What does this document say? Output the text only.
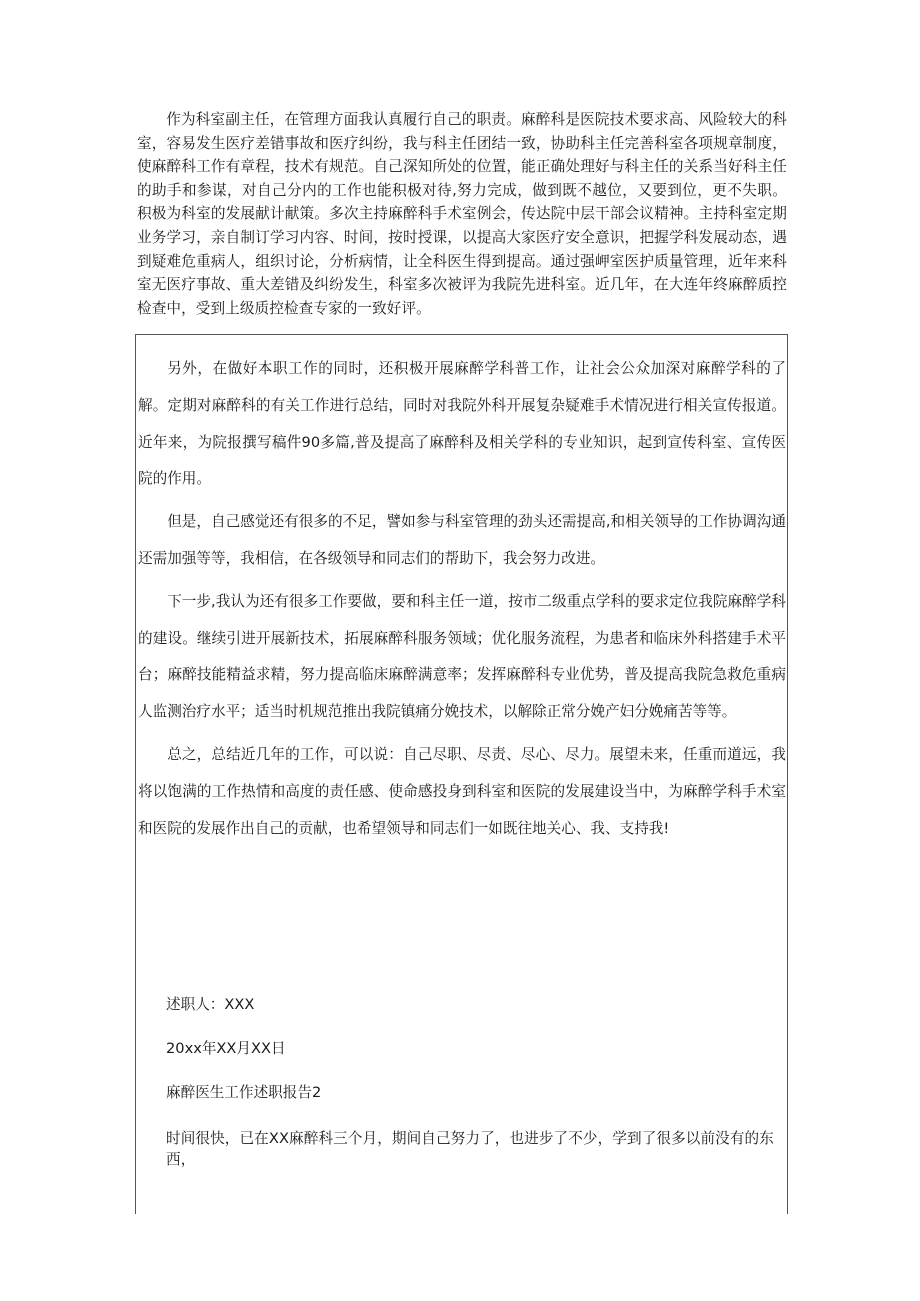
作为科室副主任，在管理方面我认真履行自己的职责。麻醉科是医院技术要求高、风险较大的科室，容易发生医疗差错事故和医疗纠纷，我与科主任团结一致，协助科主任完善科室各项规章制度，使麻醉科工作有章程，技术有规范。自己深知所处的位置，能正确处理好与科主任的关系当好科主任的助手和参谋，对自己分内的工作也能积极对待,努力完成，做到既不越位，又要到位，更不失职。积极为科室的发展献计献策。多次主持麻醉科手术室例会，传达院中层干部会议精神。主持科室定期业务学习，亲自制订学习内容、时间，按时授课，以提高大家医疗安全意识，把握学科发展动态，遇到疑难危重病人，组织讨论，分析病情，让全科医生得到提高。通过强岬室医护质量管理，近年来科室无医疗事故、重大差错及纠纷发生，科室多次被评为我院先进科室。近几年，在大连年终麻醉质控检查中，受到上级质控检查专家的一致好评。

另外，在做好本职工作的同时，还积极开展麻醉学科普工作，让社会公众加深对麻醉学科的了解。定期对麻醉科的有关工作进行总结，同时对我院外科开展复杂疑难手术情况进行相关宣传报道。近年来，为院报撰写稿件90多篇,普及提高了麻醉科及相关学科的专业知识，起到宣传科室、宣传医院的作用。

但是，自己感觉还有很多的不足，譬如参与科室管理的劲头还需提高,和相关领导的工作协调沟通还需加强等等，我相信，在各级领导和同志们的帮助下，我会努力改进。

下一步,我认为还有很多工作要做，要和科主任一道，按市二级重点学科的要求定位我院麻醉学科的建设。继续引进开展新技术，拓展麻醉科服务领域；优化服务流程，为患者和临床外科搭建手术平台；麻醉技能精益求精，努力提高临床麻醉满意率；发挥麻醉科专业优势，普及提高我院急救危重病人监测治疗水平；适当时机规范推出我院镇痛分娩技术，以解除正常分娩产妇分娩痛苦等等。

总之，总结近几年的工作，可以说：自己尽职、尽责、尽心、尽力。展望未来，任重而道远，我将以饱满的工作热情和高度的责任感、使命感投身到科室和医院的发展建设当中，为麻醉学科手术室和医院的发展作出自己的贡献，也希望领导和同志们一如既往地关心、我、支持我!

述职人：XXX

20xx年XX月XX日

麻醉医生工作述职报告2

时间很快，已在XX麻醉科三个月，期间自己努力了，也进步了不少，学到了很多以前没有的东西，
